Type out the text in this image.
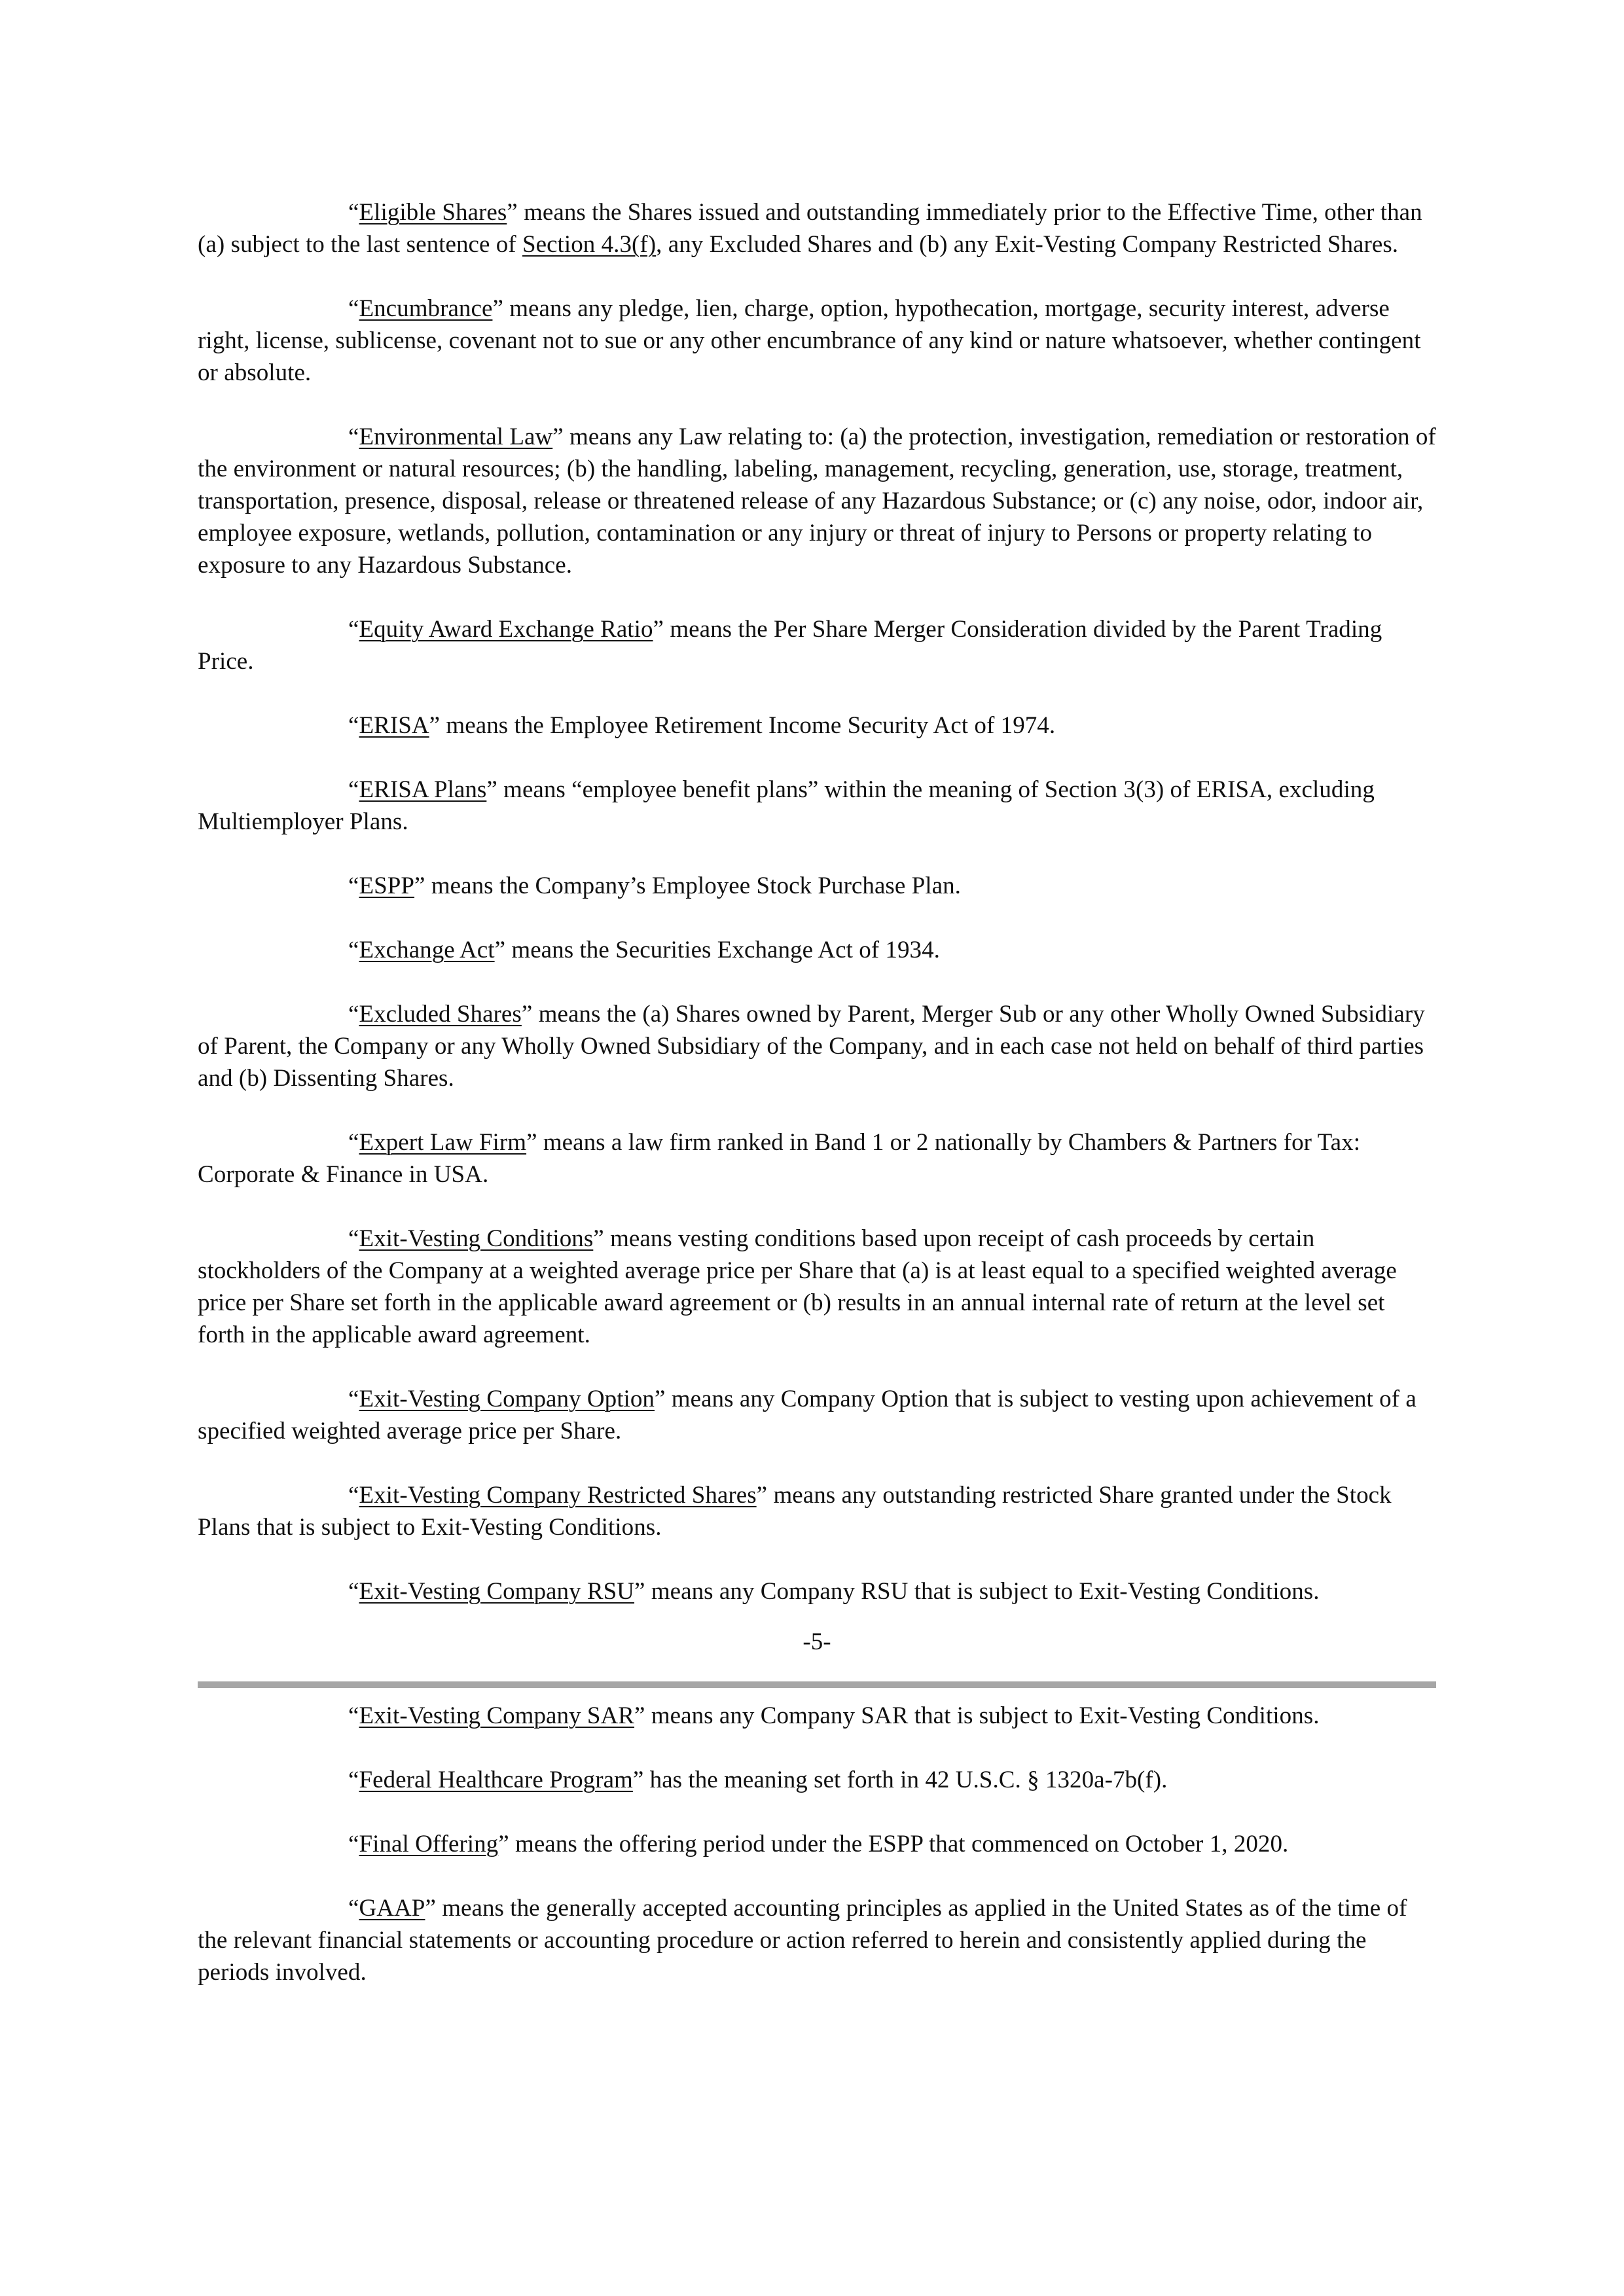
“Eligible Shares” means the Shares issued and outstanding immediately prior to the Effective Time, other than (a) subject to the last sentence of Section 4.3(f), any Excluded Shares and (b) any Exit-Vesting Company Restricted Shares.

“Encumbrance” means any pledge, lien, charge, option, hypothecation, mortgage, security interest, adverse right, license, sublicense, covenant not to sue or any other encumbrance of any kind or nature whatsoever, whether contingent or absolute.

“Environmental Law” means any Law relating to: (a) the protection, investigation, remediation or restoration of the environment or natural resources; (b) the handling, labeling, management, recycling, generation, use, storage, treatment, transportation, presence, disposal, release or threatened release of any Hazardous Substance; or (c) any noise, odor, indoor air, employee exposure, wetlands, pollution, contamination or any injury or threat of injury to Persons or property relating to exposure to any Hazardous Substance.

“Equity Award Exchange Ratio” means the Per Share Merger Consideration divided by the Parent Trading Price.

“ERISA” means the Employee Retirement Income Security Act of 1974.

“ERISA Plans” means “employee benefit plans” within the meaning of Section 3(3) of ERISA, excluding Multiemployer Plans.

“ESPP” means the Company’s Employee Stock Purchase Plan.

“Exchange Act” means the Securities Exchange Act of 1934.

“Excluded Shares” means the (a) Shares owned by Parent, Merger Sub or any other Wholly Owned Subsidiary of Parent, the Company or any Wholly Owned Subsidiary of the Company, and in each case not held on behalf of third parties and (b) Dissenting Shares.

“Expert Law Firm” means a law firm ranked in Band 1 or 2 nationally by Chambers & Partners for Tax: Corporate & Finance in USA.

“Exit-Vesting Conditions” means vesting conditions based upon receipt of cash proceeds by certain stockholders of the Company at a weighted average price per Share that (a) is at least equal to a specified weighted average price per Share set forth in the applicable award agreement or (b) results in an annual internal rate of return at the level set forth in the applicable award agreement.

“Exit-Vesting Company Option” means any Company Option that is subject to vesting upon achievement of a specified weighted average price per Share.

“Exit-Vesting Company Restricted Shares” means any outstanding restricted Share granted under the Stock Plans that is subject to Exit-Vesting Conditions.

“Exit-Vesting Company RSU” means any Company RSU that is subject to Exit-Vesting Conditions.

-5-

“Exit-Vesting Company SAR” means any Company SAR that is subject to Exit-Vesting Conditions.

“Federal Healthcare Program” has the meaning set forth in 42 U.S.C. § 1320a-7b(f).

“Final Offering” means the offering period under the ESPP that commenced on October 1, 2020.

“GAAP” means the generally accepted accounting principles as applied in the United States as of the time of the relevant financial statements or accounting procedure or action referred to herein and consistently applied during the periods involved.
